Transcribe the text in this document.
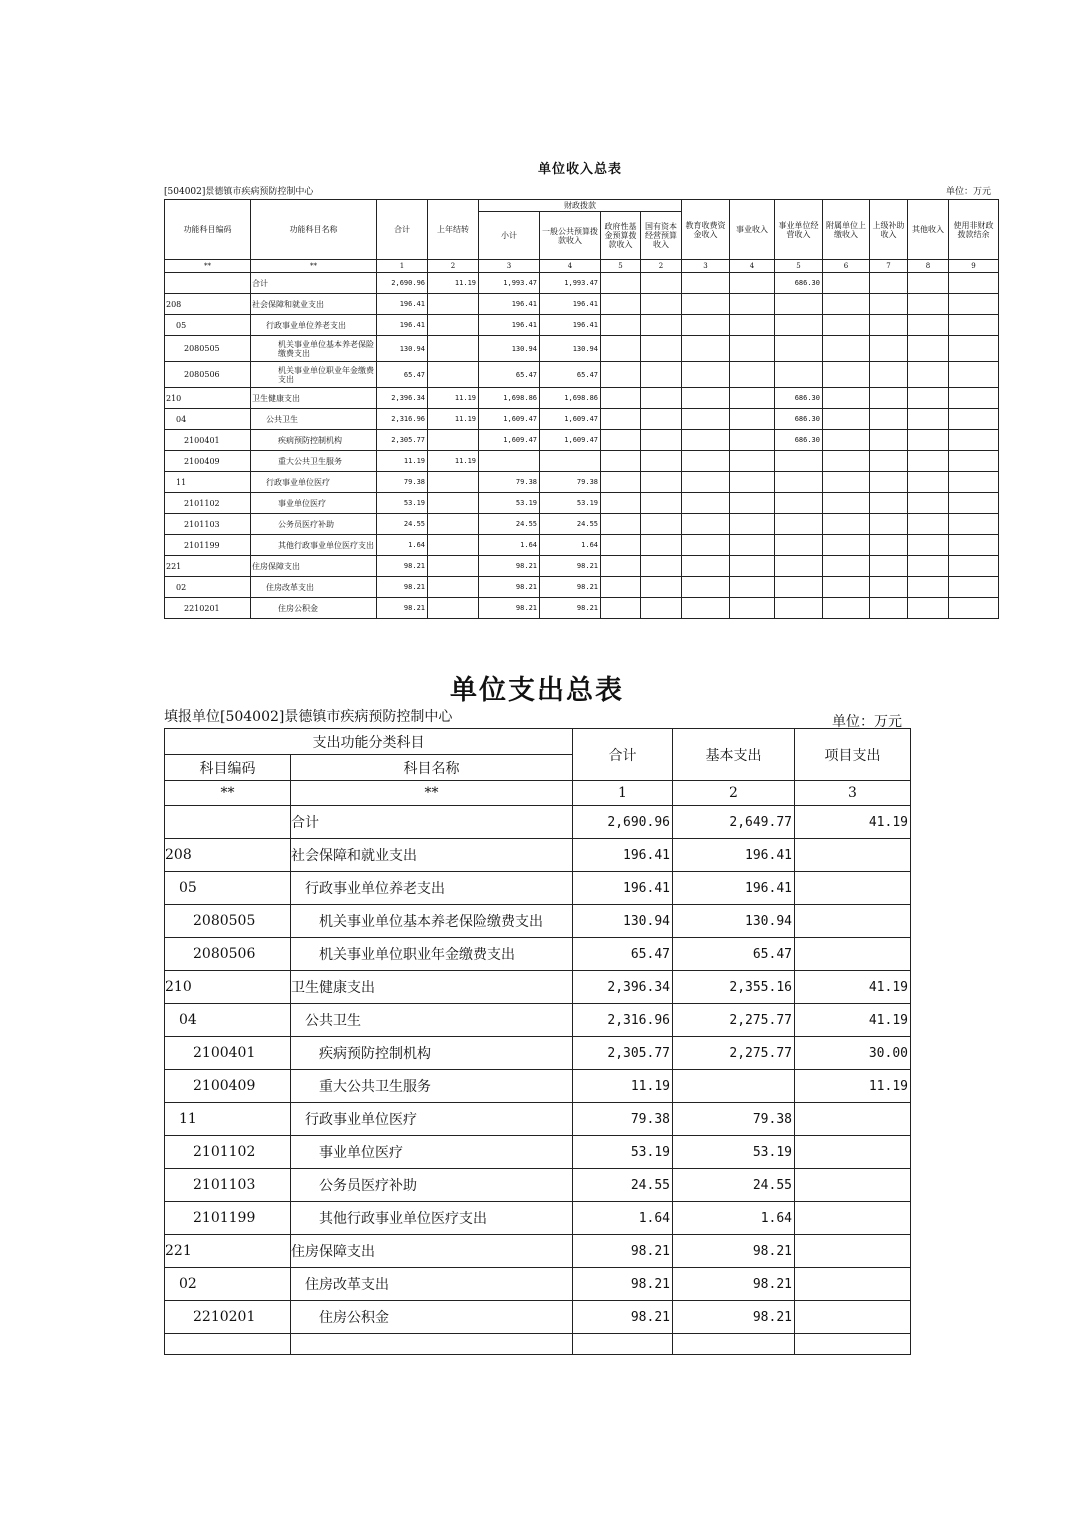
单位收入总表
[504002]景德镇市疾病预防控制中心	单位：万元
功能科目编码	功能科目名称	合计	上年结转	财政拨款				教育收费资金收入	事业收入	事业单位经营收入	附属单位上缴收入	上级补助收入	其他收入	使用非财政拨款结余
				小计	一般公共预算拨款收入	政府性基金预算拨款收入	国有资本经营预算收入							
**	**	1	2	3	4	5	2	3	4	5	6	7	8	9
	合计	2,690.96	11.19	1,993.47	1,993.47					686.30				
208	社会保障和就业支出	196.41		196.41	196.41									
05	行政事业单位养老支出	196.41		196.41	196.41									
2080505	机关事业单位基本养老保险缴费支出	130.94		130.94	130.94									
2080506	机关事业单位职业年金缴费支出	65.47		65.47	65.47									
210	卫生健康支出	2,396.34	11.19	1,698.86	1,698.86					686.30				
04	公共卫生	2,316.96	11.19	1,609.47	1,609.47					686.30				
2100401	疾病预防控制机构	2,305.77		1,609.47	1,609.47					686.30				
2100409	重大公共卫生服务	11.19	11.19											
11	行政事业单位医疗	79.38		79.38	79.38									
2101102	事业单位医疗	53.19		53.19	53.19									
2101103	公务员医疗补助	24.55		24.55	24.55									
2101199	其他行政事业单位医疗支出	1.64		1.64	1.64									
221	住房保障支出	98.21		98.21	98.21									
02	住房改革支出	98.21		98.21	98.21									
2210201	住房公积金	98.21		98.21	98.21									
单位支出总表
填报单位[504002]景德镇市疾病预防控制中心	单位：万元
支出功能分类科目		合计	基本支出	项目支出
科目编码	科目名称			
**	**	1	2	3
	合计	2,690.96	2,649.77	41.19
208	社会保障和就业支出	196.41	196.41	
05	行政事业单位养老支出	196.41	196.41	
2080505	机关事业单位基本养老保险缴费支出	130.94	130.94	
2080506	机关事业单位职业年金缴费支出	65.47	65.47	
210	卫生健康支出	2,396.34	2,355.16	41.19
04	公共卫生	2,316.96	2,275.77	41.19
2100401	疾病预防控制机构	2,305.77	2,275.77	30.00
2100409	重大公共卫生服务	11.19		11.19
11	行政事业单位医疗	79.38	79.38	
2101102	事业单位医疗	53.19	53.19	
2101103	公务员医疗补助	24.55	24.55	
2101199	其他行政事业单位医疗支出	1.64	1.64	
221	住房保障支出	98.21	98.21	
02	住房改革支出	98.21	98.21	
2210201	住房公积金	98.21	98.21	
